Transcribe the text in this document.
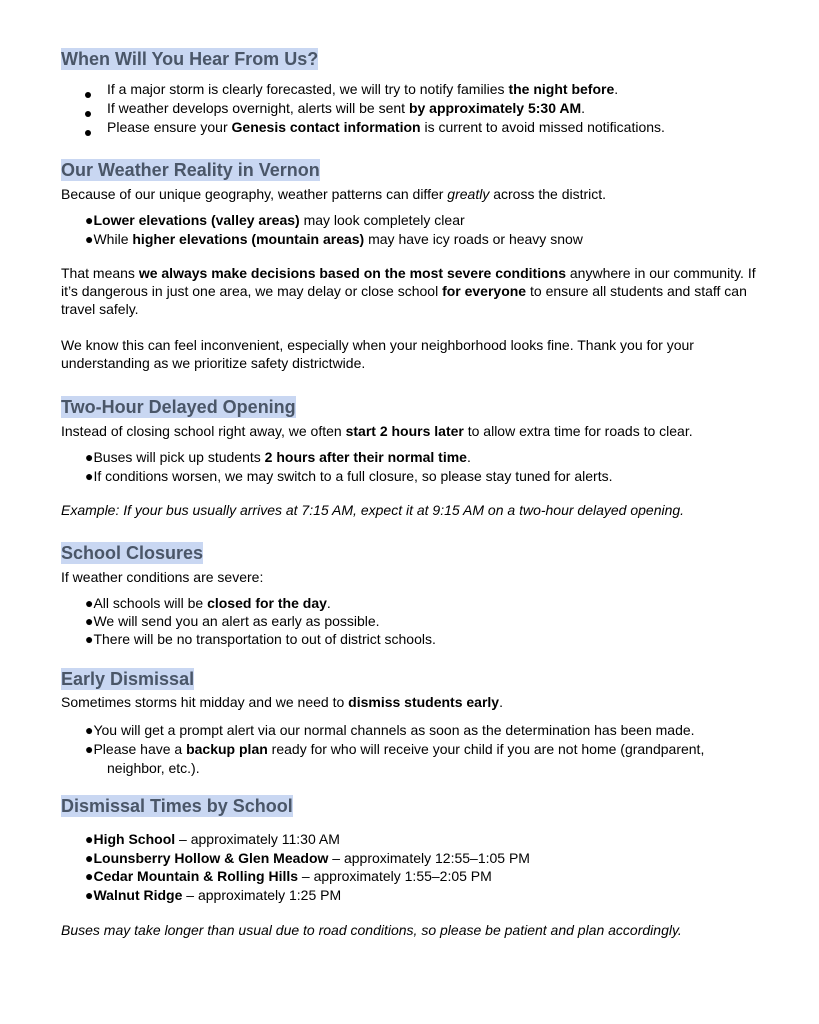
When Will You Hear From Us?
If a major storm is clearly forecasted, we will try to notify families the night before.
If weather develops overnight, alerts will be sent by approximately 5:30 AM.
Please ensure your Genesis contact information is current to avoid missed notifications.
Our Weather Reality in Vernon
Because of our unique geography, weather patterns can differ greatly across the district.
●Lower elevations (valley areas) may look completely clear
●While higher elevations (mountain areas) may have icy roads or heavy snow
That means we always make decisions based on the most severe conditions anywhere in our community. If it’s dangerous in just one area, we may delay or close school for everyone to ensure all students and staff can travel safely.
We know this can feel inconvenient, especially when your neighborhood looks fine. Thank you for your understanding as we prioritize safety districtwide.
Two-Hour Delayed Opening
Instead of closing school right away, we often start 2 hours later to allow extra time for roads to clear.
●Buses will pick up students 2 hours after their normal time.
●If conditions worsen, we may switch to a full closure, so please stay tuned for alerts.
Example: If your bus usually arrives at 7:15 AM, expect it at 9:15 AM on a two-hour delayed opening.
School Closures
If weather conditions are severe:
●All schools will be closed for the day.
●We will send you an alert as early as possible.
●There will be no transportation to out of district schools.
Early Dismissal
Sometimes storms hit midday and we need to dismiss students early.
●You will get a prompt alert via our normal channels as soon as the determination has been made.
●Please have a backup plan ready for who will receive your child if you are not home (grandparent,
neighbor, etc.).
Dismissal Times by School
●High School – approximately 11:30 AM
●Lounsberry Hollow & Glen Meadow – approximately 12:55–1:05 PM
●Cedar Mountain & Rolling Hills – approximately 1:55–2:05 PM
●Walnut Ridge – approximately 1:25 PM
Buses may take longer than usual due to road conditions, so please be patient and plan accordingly.
